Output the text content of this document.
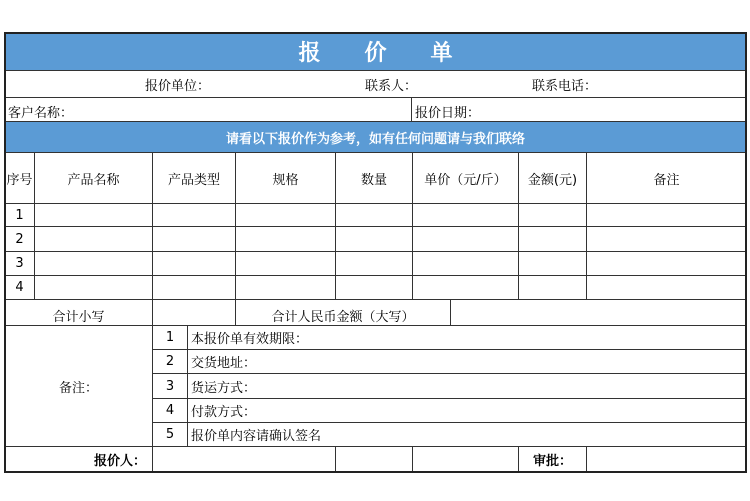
报　　价　　单
报价单位：	联系人：	联系电话：
客户名称：	报价日期：
请看以下报价作为参考，如有任何问题请与我们联络
序号	产品名称	产品类型	规格	数量	单价（元/斤）	金额(元)	备注
1
2
3
4
合计小写	合计人民币金额（大写）
备注：
1	本报价单有效期限：
2	交货地址：
3	货运方式：
4	付款方式：
5	报价单内容请确认签名
报价人：	审批：
